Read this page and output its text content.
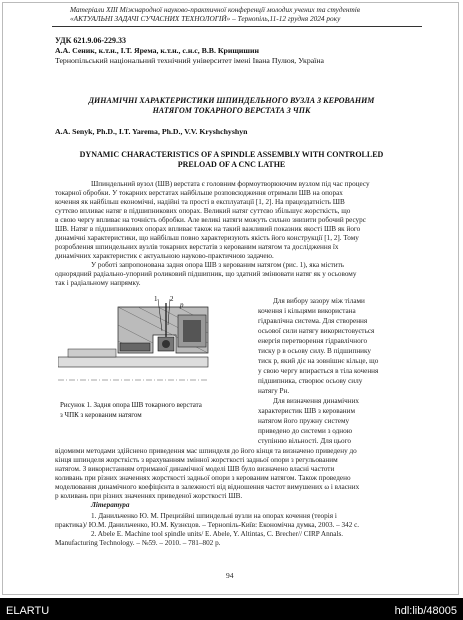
Матеріали XIII Міжнародної науково-практичної конференції молодих учених та студентів
«АКТУАЛЬНІ ЗАДАЧІ СУЧАСНИХ ТЕХНОЛОГІЙ» – Тернопіль,11-12 грудня 2024 року
УДК 621.9.06-229.33
А.А. Сеник, к.т.н., І.Т. Ярема, к.т.н., с.н.с, В.В. Крищишин
Тернопільський національний технічний університет імені Івана Пулюя, Україна
ДИНАМІЧНІ ХАРАКТЕРИСТИКИ ШПИНДЕЛЬНОГО ВУЗЛА З КЕРОВАНИМ
НАТЯГОМ ТОКАРНОГО ВЕРСТАТА З ЧПК
A.A. Senyk, Ph.D., I.T. Yarema, Ph.D., V.V. Kryshchyshyn
DYNAMIC CHARACTERISTICS OF A SPINDLE ASSEMBLY WITH CONTROLLED
PRELOAD OF A CNC LATHE
Шпиндельний вузол (ШВ) верстата є головним формоутворюючим вузлом під час процесу
токарної обробки. У токарних верстатах найбільше розповсюдження отримали ШВ на опорах
кочення як найбільш економічні, надійні та прості в експлуатації [1, 2]. На працездатність ШВ
суттєво впливає натяг в підшипникових опорах. Великий натяг суттєво збільшує жорсткість, що
в свою чергу впливає на точність обробки. Але великі натяги можуть сильно знизити робочий ресурс
ШВ. Натяг в підшипникових опорах впливає також на такий важливий показник якості ШВ як його
динамічні характеристики, що найбільш повно характеризують якість його конструкції [1, 2]. Тому
розроблення шпиндельних вузлів токарних верстатів з керованим натягом та дослідження їх
динамічних характеристик є актуальною науково-практичною задачею.
У роботі запропонована задня опора ШВ з керованим натягом (рис. 1), яка містить
однорядний радіально-упорний роликовий підшипник, що здатний змінювати натяг як у осьовому
так і радіальному напрямку.
1 2
p
Рисунок 1. Задня опора ШВ токарного верстата
з ЧПК з керованим натягом
Для вибору зазору між тілами
кочення і кільцями використана
гідравлічна система. Для створення
осьової сили натягу використовується
енергія перетворення гідравлічного
тиску p в осьову силу. В підшипнику
тиск p, який діє на зовнішнє кільце, що
у свою чергу впирається в тіла кочення
підшипника, створює осьову силу
натягу Pн.
Для визначення динамічних
характеристик ШВ з керованим
натягом його пружну систему
приведено до системи з одною
ступінню вільності. Для цього
відомими методами здійснено приведення мас шпинделя до його кінця та визначено приведену до
кінця шпинделя жорсткість з врахуванням змінної жорсткості задньої опори з регульованим
натягом. З використанням отриманої динамічної моделі ШВ було визначено власні частоти
коливань при різних значеннях жорсткості задньої опори з керованим натягом. Також проведено
моделювання динамічного коефіцієнта в залежності від відношення частот вимушених ω і власних
p коливань при різних значеннях приведеної жорсткості ШВ.
Література
1. Данильченко Ю. М. Прецизійні шпиндельні вузли на опорах кочення (теорія і
практика)/ Ю.М. Данильченко, Ю.М. Кузнєцов. – Тернопіль-Київ: Економічна думка, 2003. – 342 с.
2. Abele E. Machine tool spindle units/ E. Abele, Y. Altintas, C. Brecher// CIRP Annals.
Manufacturing Technology. – №59. – 2010. – 781–802 p.
94
ELARTU	hdl:lib/48005
